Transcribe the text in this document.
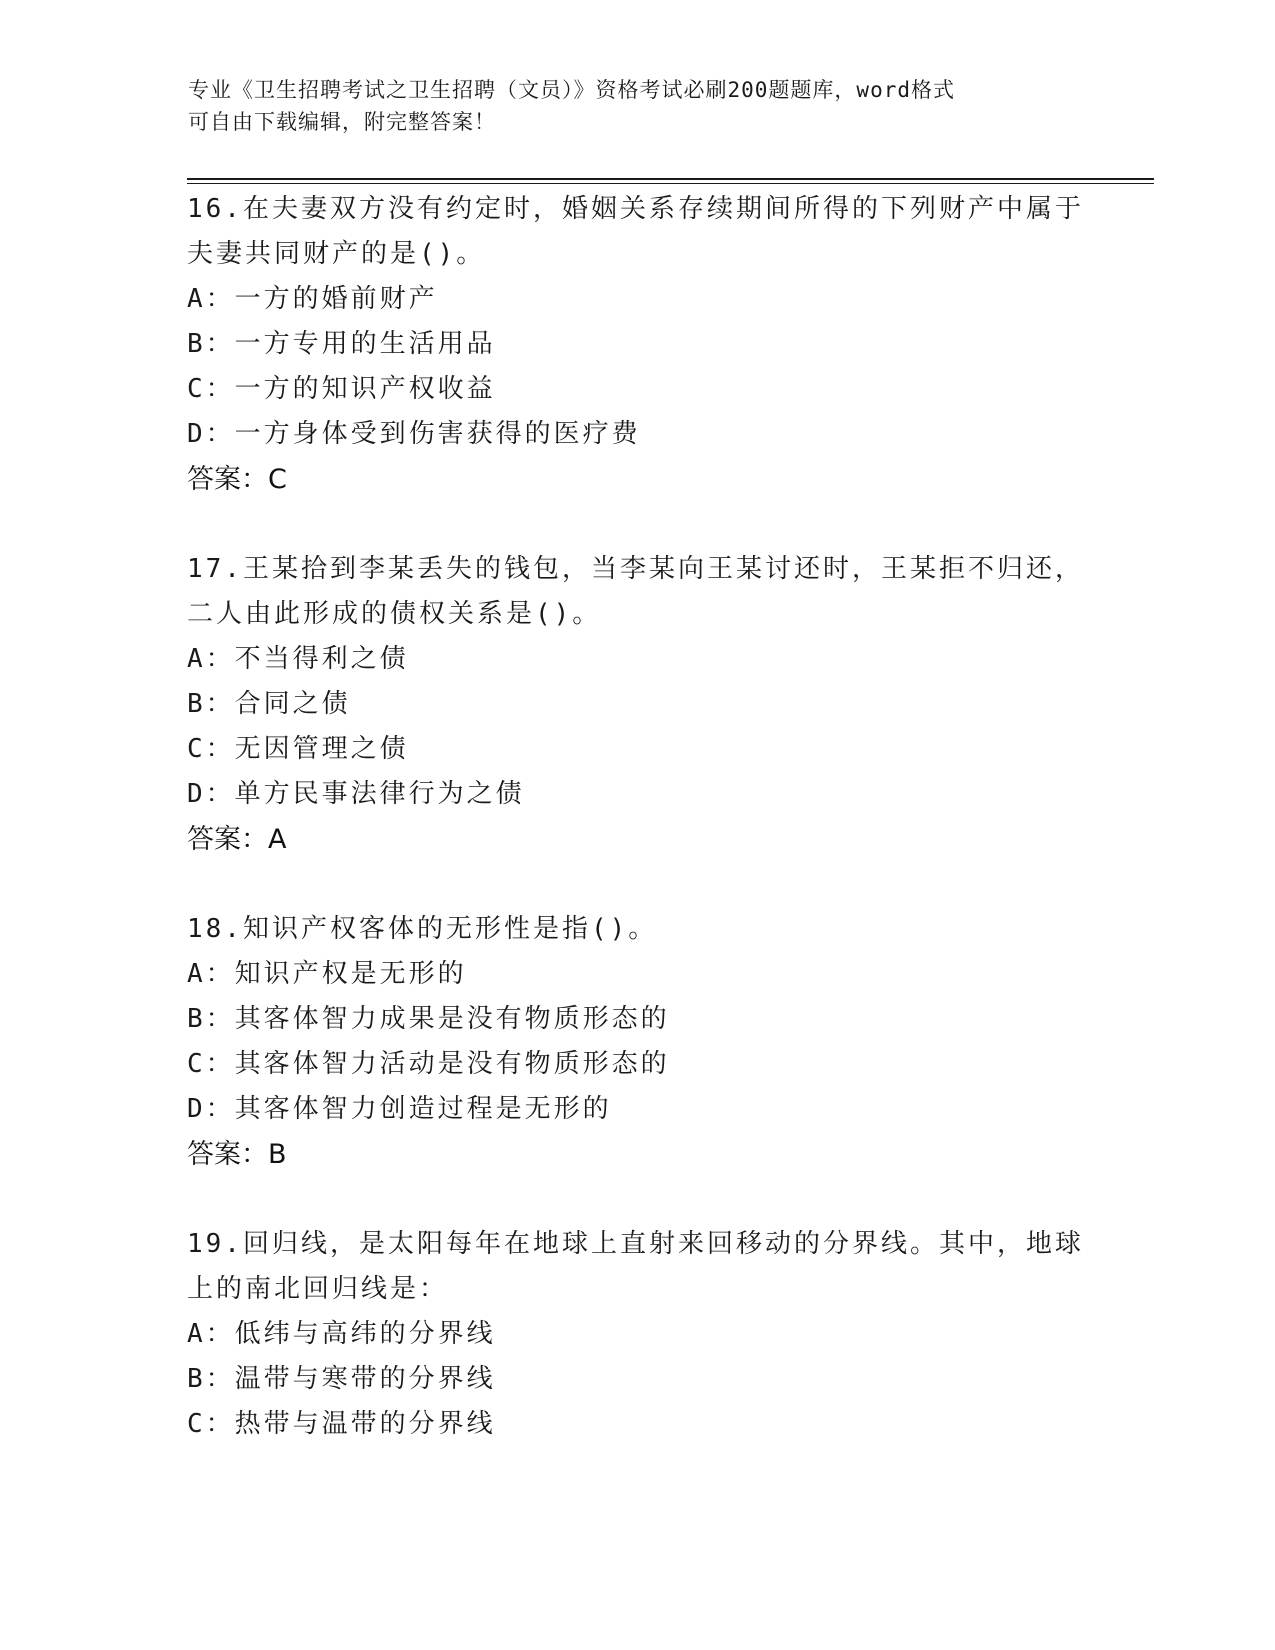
专业《卫生招聘考试之卫生招聘（文员）》资格考试必刷200题题库，word格式
可自由下载编辑，附完整答案！
16.在夫妻双方没有约定时，婚姻关系存续期间所得的下列财产中属于
夫妻共同财产的是()。
A：一方的婚前财产
B：一方专用的生活用品
C：一方的知识产权收益
D：一方身体受到伤害获得的医疗费
答案：C
17.王某拾到李某丢失的钱包，当李某向王某讨还时，王某拒不归还，
二人由此形成的债权关系是()。
A：不当得利之债
B：合同之债
C：无因管理之债
D：单方民事法律行为之债
答案：A
18.知识产权客体的无形性是指()。
A：知识产权是无形的
B：其客体智力成果是没有物质形态的
C：其客体智力活动是没有物质形态的
D：其客体智力创造过程是无形的
答案：B
19.回归线，是太阳每年在地球上直射来回移动的分界线。其中，地球
上的南北回归线是：
A：低纬与高纬的分界线
B：温带与寒带的分界线
C：热带与温带的分界线
